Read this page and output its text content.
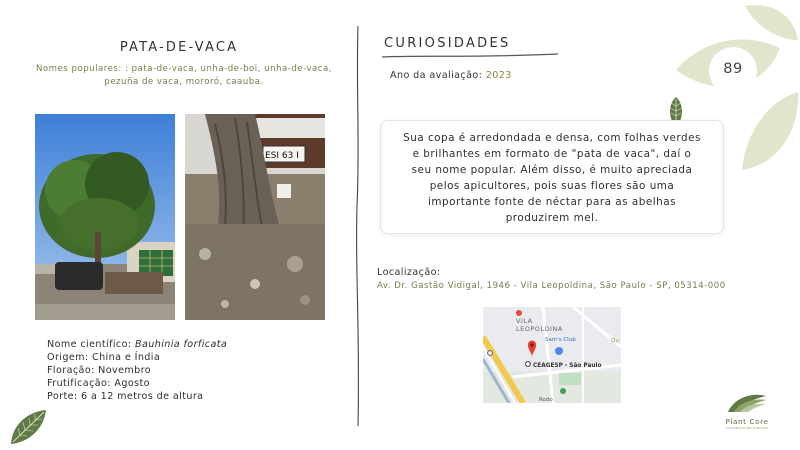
89
PATA-DE-VACA
Nomes populares: : pata-de-vaca, unha-de-boi, unha-de-vaca, pezuña de vaca, mororó, caauba.
ESI 63 I
Nome científico: Bauhinia forficata
Origem: China e Índia
Floração: Novembro
Frutificação: Agosto
Porte: 6 a 12 metros de altura
CURIOSIDADES
Ano da avaliação: 2023

Sua copa é arredondada e densa, com folhas verdes e brilhantes em formato de "pata de vaca", daí o seu nome popular. Além disso, é muito apreciada pelos apicultores, pois suas flores são uma importante fonte de néctar para as abelhas produzirem mel.

Localização:
Av. Dr. Gastão Vidigal, 1946 - Vila Leopoldina, São Paulo - SP, 05314-000
VILA
LEOPOLDINA
Sam's Club
CEAGESP - São Paulo
Rodo
Qu
Plant Core
curadoria de plantas
